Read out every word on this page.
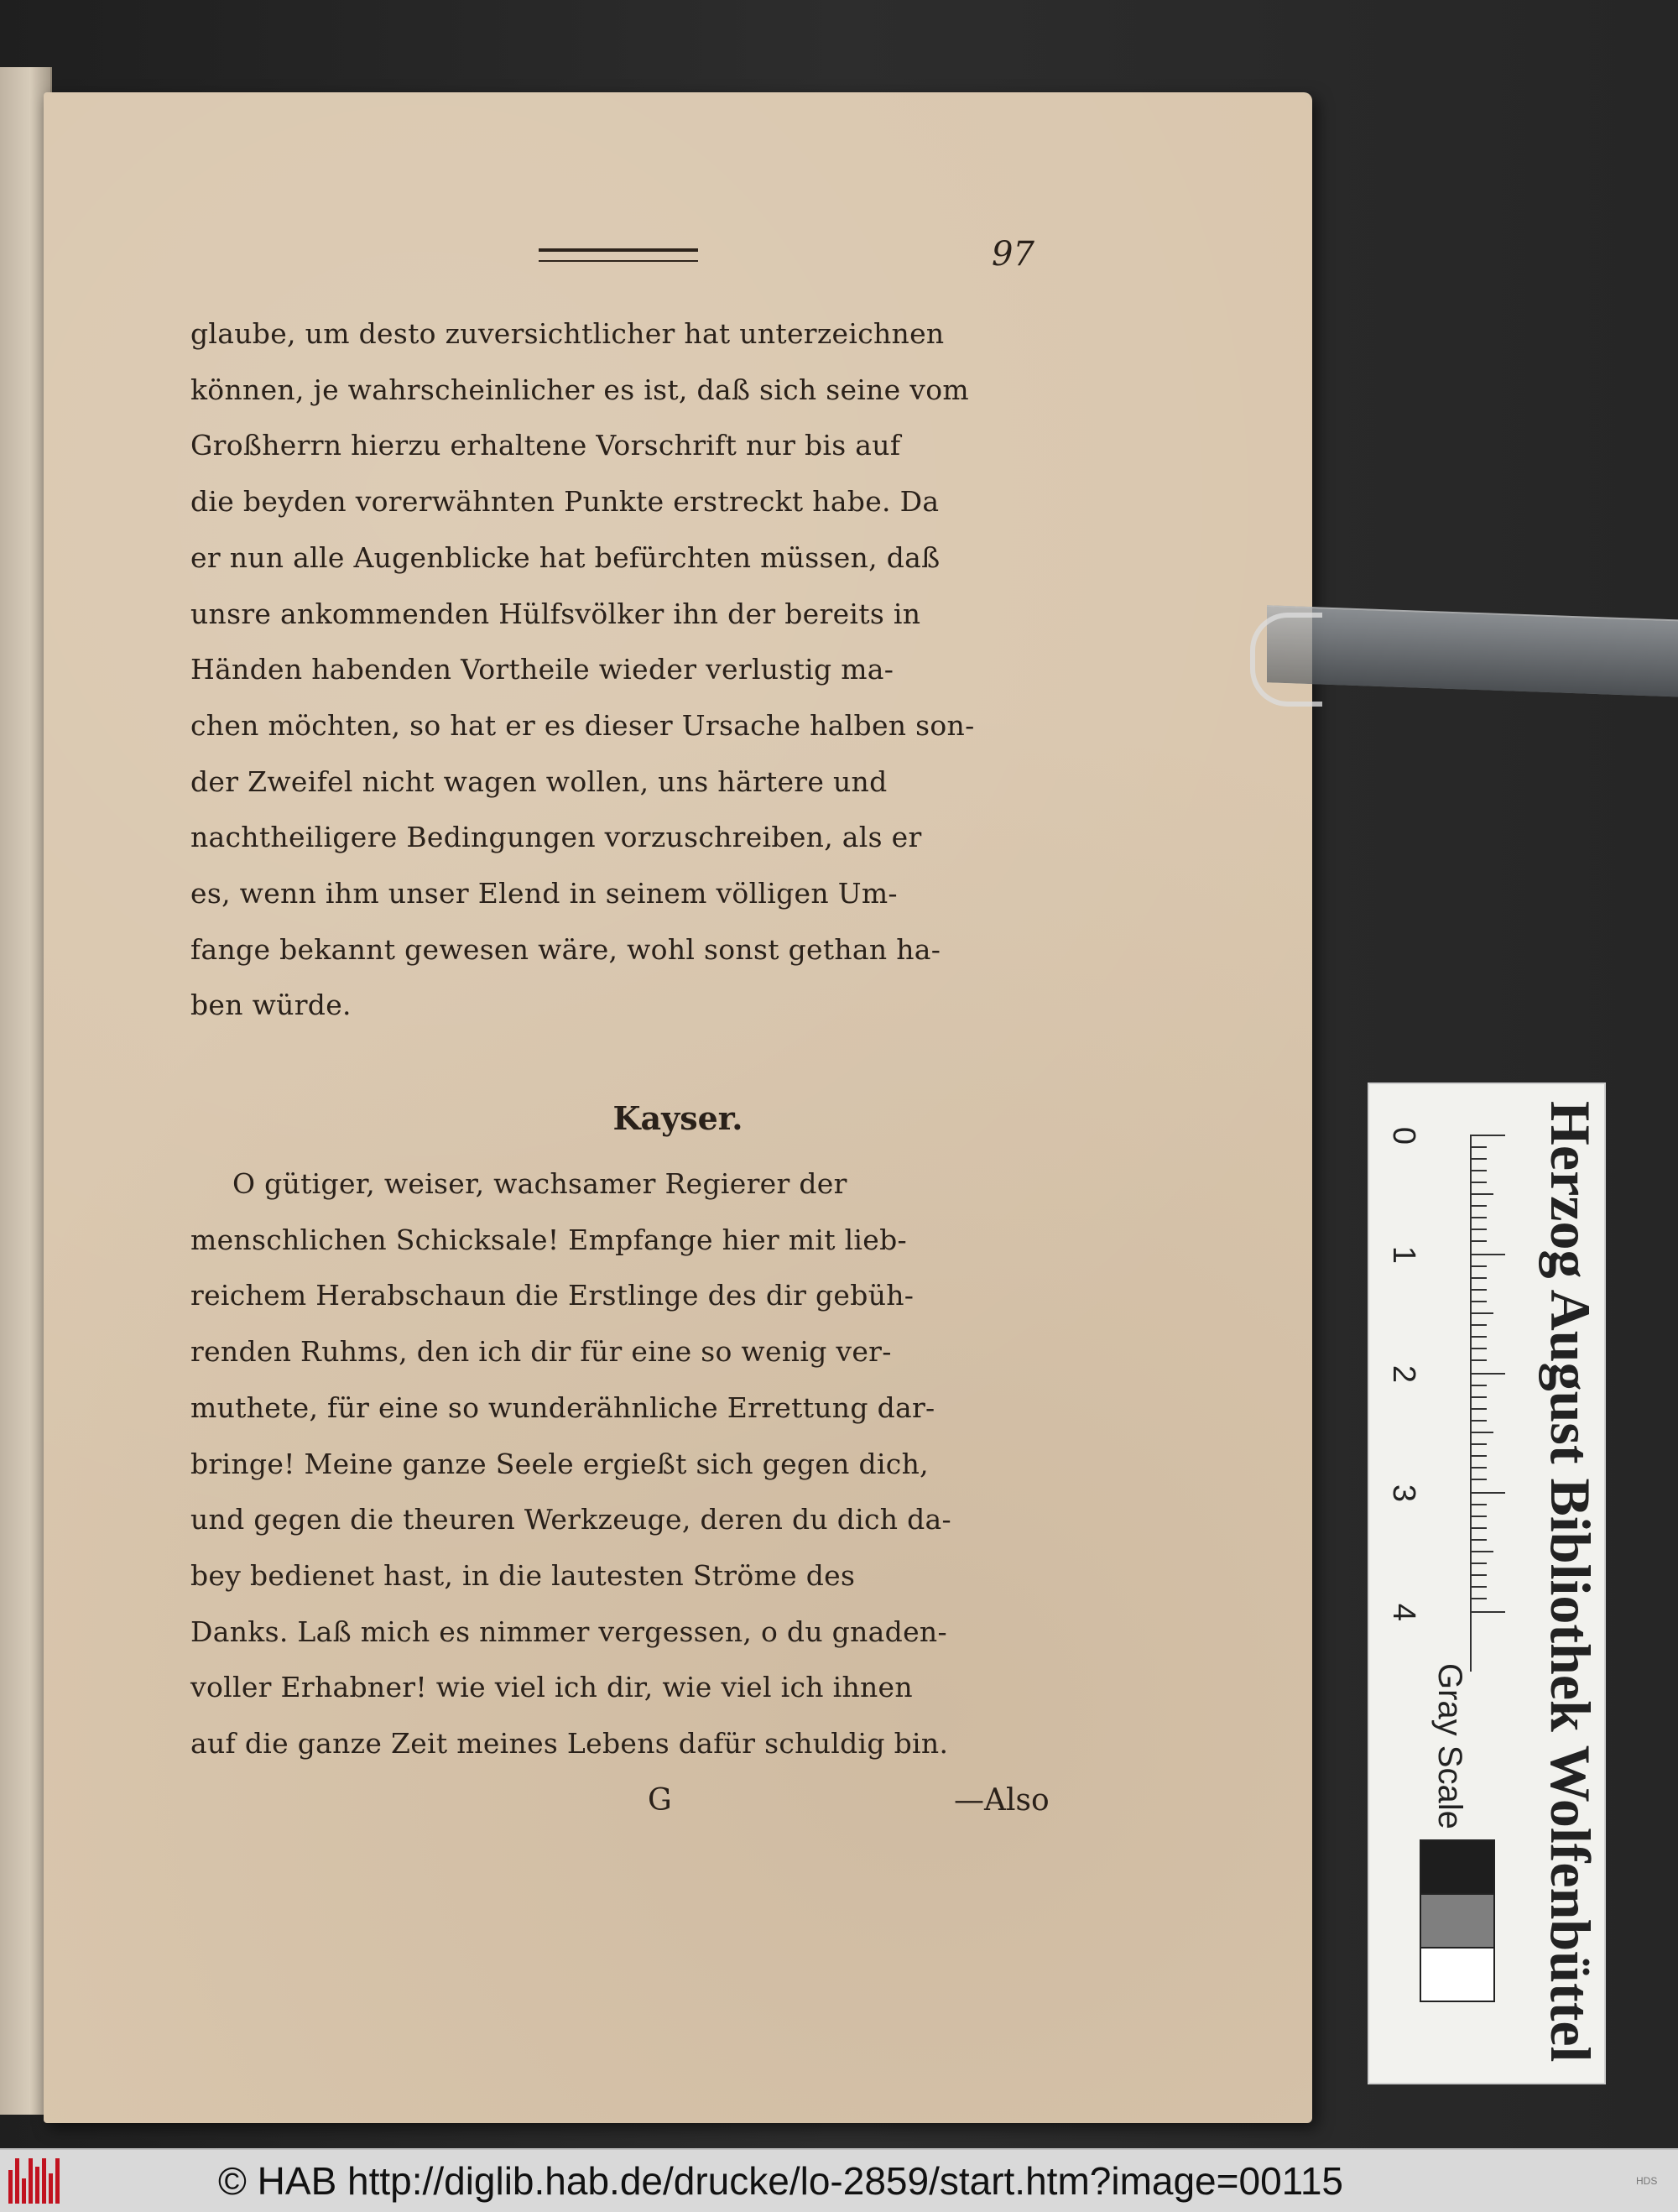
97
glaube, um desto zuversichtlicher hat unterzeichnen
können, je wahrscheinlicher es ist, daß sich seine vom
Großherrn hierzu erhaltene Vorschrift nur bis auf
die beyden vorerwähnten Punkte erstreckt habe. Da
er nun alle Augenblicke hat befürchten müssen, daß
unsre ankommenden Hülfsvölker ihn der bereits in
Händen habenden Vortheile wieder verlustig ma-
chen möchten, so hat er es dieser Ursache halben son-
der Zweifel nicht wagen wollen, uns härtere und
nachtheiligere Bedingungen vorzuschreiben, als er
es, wenn ihm unser Elend in seinem völligen Um-
fange bekannt gewesen wäre, wohl sonst gethan ha-
ben würde.
Kayser.
O gütiger, weiser, wachsamer Regierer der
menschlichen Schicksale! Empfange hier mit lieb-
reichem Herabschaun die Erstlinge des dir gebüh-
renden Ruhms, den ich dir für eine so wenig ver-
muthete, für eine so wunderähnliche Errettung dar-
bringe! Meine ganze Seele ergießt sich gegen dich,
und gegen die theuren Werkzeuge, deren du dich da-
bey bedienet hast, in die lautesten Ströme des
Danks. Laß mich es nimmer vergessen, o du gnaden-
voller Erhabner! wie viel ich dir, wie viel ich ihnen
auf die ganze Zeit meines Lebens dafür schuldig bin.
G	—Also	Herzog August Bibliothek Wolfenbüttel
0
1
2
3
4
Gray Scale
© HAB http://diglib.hab.de/drucke/lo-2859/start.htm?image=00115	HDS
